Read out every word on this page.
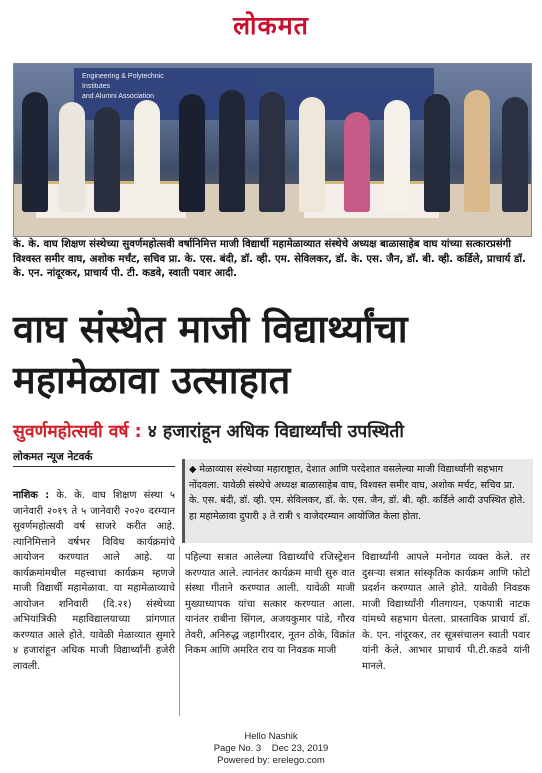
लोकमत
Engineering & Polytechnic
Institutes
and Alumni Association
के. के. वाघ शिक्षण संस्थेच्या सुवर्णमहोत्सवी वर्षानिमित्त माजी विद्यार्थी महामेळाव्यात संस्थेचे अध्यक्ष बाळासाहेब वाघ यांच्या सत्कारप्रसंगी विश्वस्त समीर वाघ, अशोक मर्चंट, सचिव प्रा. के. एस. बंदी, डॉ. व्ही. एम. सेविलकर, डॉ. के. एस. जैन, डॉ. बी. व्ही. कर्डिले, प्राचार्य डॉ. के. एन. नांदूरकर, प्राचार्य पी. टी. कडवे, स्वाती पवार आदी.
वाघ संस्थेत माजी विद्यार्थ्यांचा
महामेळावा उत्साहात
सुवर्णमहोत्सवी वर्ष : ४ हजारांहून अधिक विद्यार्थ्यांची उपस्थिती
लोकमत न्यूज नेटवर्क
◆ मेळाव्यास संस्थेच्या महाराष्ट्रात, देशात आणि परदेशात वसलेल्या माजी विद्यार्थ्यांनी सहभाग नोंदवला. यावेळी संस्थेचे अध्यक्ष बाळासाहेब वाघ, विश्वस्त समीर वाघ, अशोक मर्चंट, सचिव प्रा. के. एस. बंदी, डॉ. व्ही. एम. सेविलकर, डॉ. के. एस. जैन, डॉ. बी. व्ही. कर्डिले आदी उपस्थित होते. हा महामेळावा दुपारी ३ ते रात्री ९ वाजेदरम्यान आयोजित केला होता.
नाशिक : के. के. वाघ शिक्षण संस्था ५ जानेवारी २०१९ ते ५ जानेवारी २०२० दरम्यान सुवर्णमहोत्सवी वर्ष साजरे करीत आहे. त्यानिमित्ताने वर्षभर विविध कार्यक्रमांचे आयोजन करण्यात आले आहे. या कार्यक्रमांमधील महत्त्वाचा कार्यक्रम म्हणजे माजी विद्यार्थी महामेळावा. या महामेळाव्याचे आयोजन शनिवारी (दि.२१) संस्थेच्या अभियांत्रिकी महाविद्यालयाच्या प्रांगणात करण्यात आले होते. यावेळी मेळाव्यात सुमारे ४ हजारांहून अधिक माजी विद्यार्थ्यांनी हजेरी लावली.
पहिल्या सत्रात आलेल्या विद्यार्थ्यांचे रजिस्ट्रेशन करण्यात आले. त्यानंतर कार्यक्रम माची सुरु वात संस्था गीताने करण्यात आली. यावेळी माजी मुख्याध्यापक यांचा सत्कार करण्यात आला. यानंतर राबीना सिंगल, अजयकुमार पांडे, गौरव तेवरी, अनिरुद्ध जहागीरदार, नूतन ठोके, विक्रांत निकम आणि अमरित राय या निवडक माजी
विद्यार्थ्यांनी आपले मनोगत व्यक्त केले. तर दुसऱ्या सत्रात सांस्कृतिक कार्यक्रम आणि फोटो प्रदर्शन करण्यात आले होते. यावेळी निवडक माजी विद्यार्थ्यांनी गीतगायन, एकपात्री नाटक यांमध्ये सहभाग घेतला. प्रास्ताविक प्राचार्य डॉ. के. एन. नांदूरकर, तर सूत्रसंचालन स्वाती पवार यांनी केले. आभार प्राचार्य पी.टी.कडवे यांनी मानले.
Hello Nashik
Page No. 3    Dec 23, 2019
Powered by: erelego.com
